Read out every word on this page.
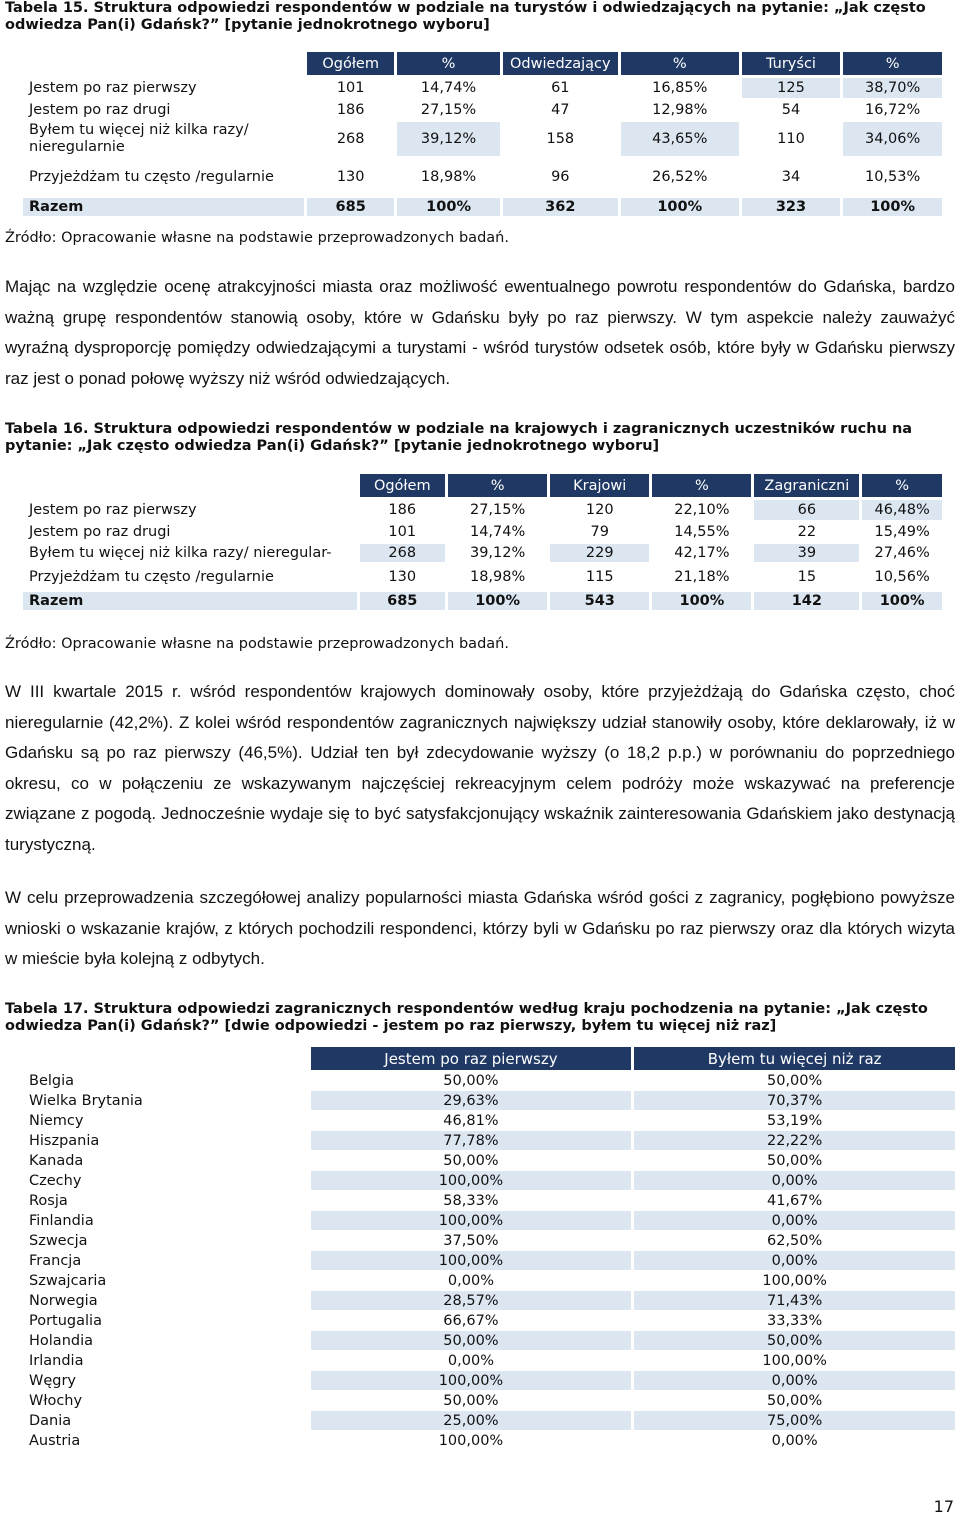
Tabela 15. Struktura odpowiedzi respondentów w podziale na turystów i odwiedzających na pytanie: „Jak często odwiedza Pan(i) Gdańsk?” [pytanie jednokrotnego wyboru]
	Ogółem	%	Odwiedzający	%	Turyści	%
Jestem po raz pierwszy	101	14,74%	61	16,85%	125	38,70%
Jestem po raz drugi	186	27,15%	47	12,98%	54	16,72%
Byłem tu więcej niż kilka razy/ nieregularnie	268	39,12%	158	43,65%	110	34,06%
Przyjeżdżam tu często /regularnie	130	18,98%	96	26,52%	34	10,53%
Razem	685	100%	362	100%	323	100%
Źródło: Opracowanie własne na podstawie przeprowadzonych badań.
Mając na względzie ocenę atrakcyjności miasta oraz możliwość ewentualnego powrotu respondentów do Gdańska, bardzo ważną grupę respondentów stanowią osoby, które w Gdańsku były po raz pierwszy. W tym aspekcie należy zauważyć wyraźną dysproporcję pomiędzy odwiedzającymi a turystami - wśród turystów odsetek osób, które były w Gdańsku pierwszy raz jest o ponad połowę wyższy niż wśród odwiedzających.
Tabela 16. Struktura odpowiedzi respondentów w podziale na krajowych i zagranicznych uczestników ruchu na pytanie: „Jak często odwiedza Pan(i) Gdańsk?” [pytanie jednokrotnego wyboru]
	Ogółem	%	Krajowi	%	Zagraniczni	%
Jestem po raz pierwszy	186	27,15%	120	22,10%	66	46,48%
Jestem po raz drugi	101	14,74%	79	14,55%	22	15,49%
Byłem tu więcej niż kilka razy/ nieregular-	268	39,12%	229	42,17%	39	27,46%
Przyjeżdżam tu często /regularnie	130	18,98%	115	21,18%	15	10,56%
Razem	685	100%	543	100%	142	100%
Źródło: Opracowanie własne na podstawie przeprowadzonych badań.
W III kwartale 2015 r. wśród respondentów krajowych dominowały osoby, które przyjeżdżają do Gdańska często, choć nieregularnie (42,2%). Z kolei wśród respondentów zagranicznych największy udział stanowiły osoby, które deklarowały, iż w Gdańsku są po raz pierwszy (46,5%). Udział ten był zdecydowanie wyższy (o 18,2 p.p.) w porównaniu do poprzedniego okresu, co w połączeniu ze wskazywanym najczęściej rekreacyjnym celem podróży może wskazywać na preferencje związane z pogodą. Jednocześnie wydaje się to być satysfakcjonujący wskaźnik zainteresowania Gdańskiem jako destynacją turystyczną.
W celu przeprowadzenia szczegółowej analizy popularności miasta Gdańska wśród gości z zagranicy, pogłębiono powyższe wnioski o wskazanie krajów, z których pochodzili respondenci, którzy byli w Gdańsku po raz pierwszy oraz dla których wizyta w mieście była kolejną z odbytych.
Tabela 17. Struktura odpowiedzi zagranicznych respondentów według kraju pochodzenia na pytanie: „Jak często odwiedza Pan(i) Gdańsk?” [dwie odpowiedzi - jestem po raz pierwszy, byłem tu więcej niż raz]
	Jestem po raz pierwszy	Byłem tu więcej niż raz
Belgia	50,00%	50,00%
Wielka Brytania	29,63%	70,37%
Niemcy	46,81%	53,19%
Hiszpania	77,78%	22,22%
Kanada	50,00%	50,00%
Czechy	100,00%	0,00%
Rosja	58,33%	41,67%
Finlandia	100,00%	0,00%
Szwecja	37,50%	62,50%
Francja	100,00%	0,00%
Szwajcaria	0,00%	100,00%
Norwegia	28,57%	71,43%
Portugalia	66,67%	33,33%
Holandia	50,00%	50,00%
Irlandia	0,00%	100,00%
Węgry	100,00%	0,00%
Włochy	50,00%	50,00%
Dania	25,00%	75,00%
Austria	100,00%	0,00%
17
